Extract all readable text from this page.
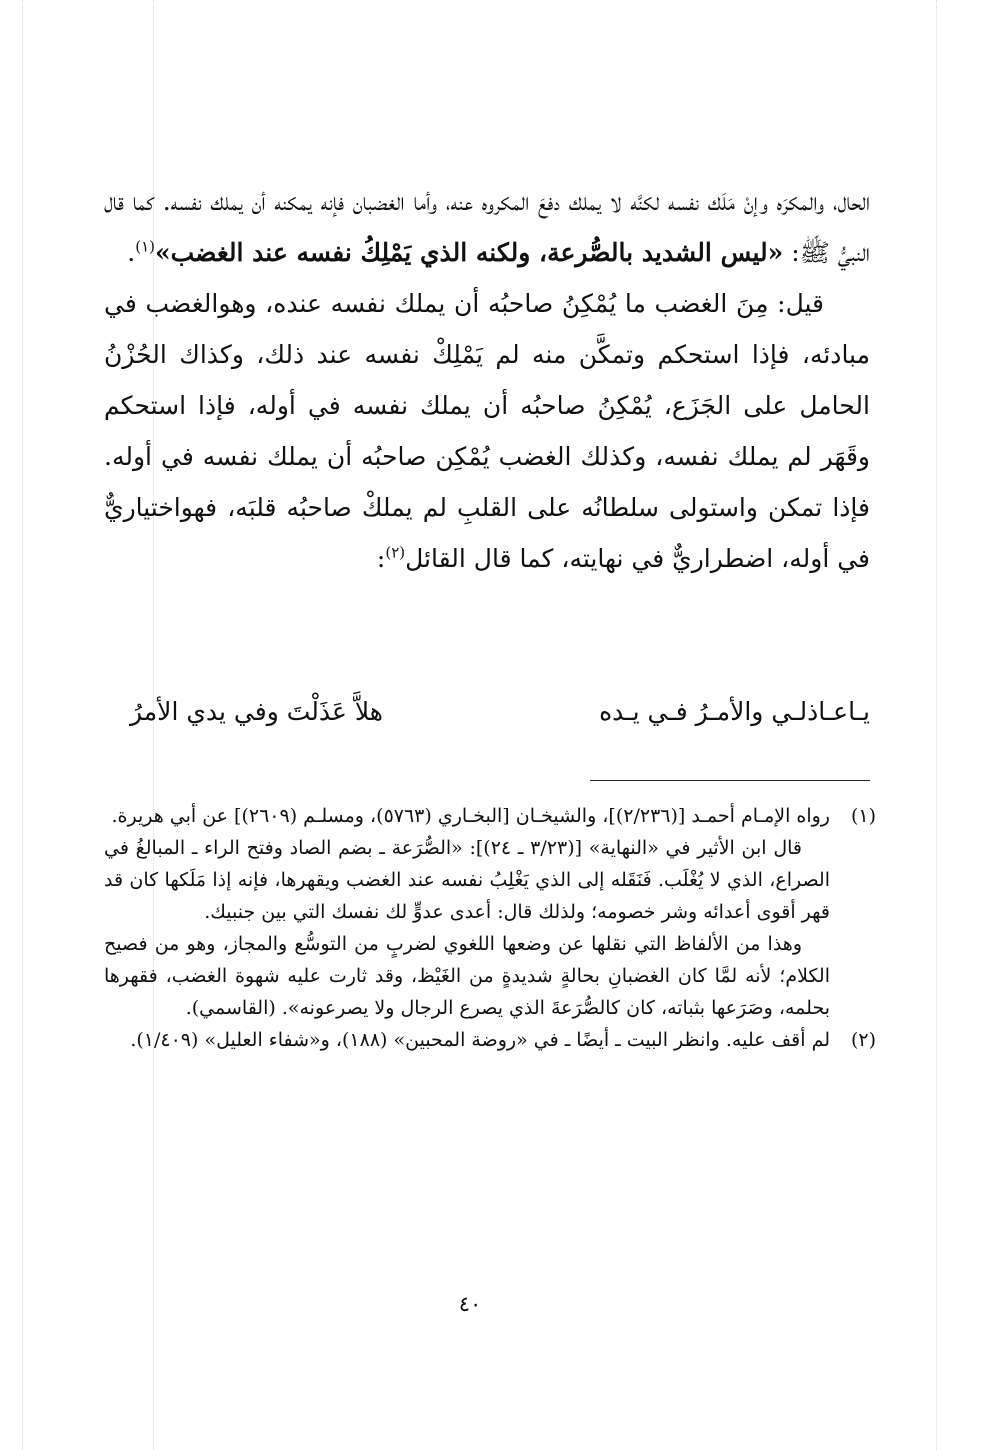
الحال، والمكرَه وإنْ مَلَك نفسه لكنَّه لا يملك دفعَ المكروه عنه، وأما الغضبان فإنه يمكنه أن يملك نفسه. كما قال النبيُّ ﷺ: «ليس الشديد بالصُّرعة، ولكنه الذي يَمْلِكُ نفسه عند الغضب»$^{(١)}$.

قيل: مِنَ الغضب ما يُمْكِنُ صاحبُه أن يملك نفسه عنده، وهوالغضب في مبادئه، فإذا استحكم وتمكَّن منه لم يَمْلِكْ نفسه عند ذلك، وكذاك الحُزْنُ الحامل على الجَزَع، يُمْكِنُ صاحبُه أن يملك نفسه في أوله، فإذا استحكم وقَهَر لم يملك نفسه، وكذلك الغضب يُمْكِن صاحبُه أن يملك نفسه في أوله. فإذا تمكن واستولى سلطانُه على القلبِ لم يملكْ صاحبُه قلبَه، فهواختياريٌّ في أوله، اضطراريٌّ في نهايته، كما قال القائل$^{(٢)}$:

يـاعـاذلـي والأمـرُ فـي يـده
هلاَّ عَذَلْتَ وفي يدي الأمرُ
(١)

رواه الإمـام أحمـد [(٢/٢٣٦)]، والشيخـان [البخـاري (٥٧٦٣)، ومسلـم (٢٦٠٩)] عن أبي هريرة.

قال ابن الأثير في «النهاية» [(٣/٢٣ ـ ٢٤)]: «الصُّرَعة ـ بضم الصاد وفتح الراء ـ المبالغُ في الصراع، الذي لا يُغْلَب. فَنَقَله إلى الذي يَغْلِبُ نفسه عند الغضب ويقهرها، فإنه إذا مَلَكها كان قد قهر أقوى أعدائه وشر خصومه؛ ولذلك قال: أعدى عدوٍّ لك نفسك التي بين جنبيك.

وهذا من الألفاظ التي نقلها عن وضعها اللغوي لضربٍ من التوسُّع والمجاز، وهو من فصيح الكلام؛ لأنه لمَّا كان الغضبانِ بحالةٍ شديدةٍ من الغَيْظ، وقد ثارت عليه شهوة الغضب، فقهرها بحلمه، وصَرَعها بثباته، كان كالصُّرَعةَ الذي يصرع الرجال ولا يصرعونه». (القاسمي).

(٢)

لم أقف عليه. وانظر البيت ـ أيضًا ـ في «روضة المحبين» (١٨٨)، و«شفاء العليل» (١/٤٠٩).

٤٠
